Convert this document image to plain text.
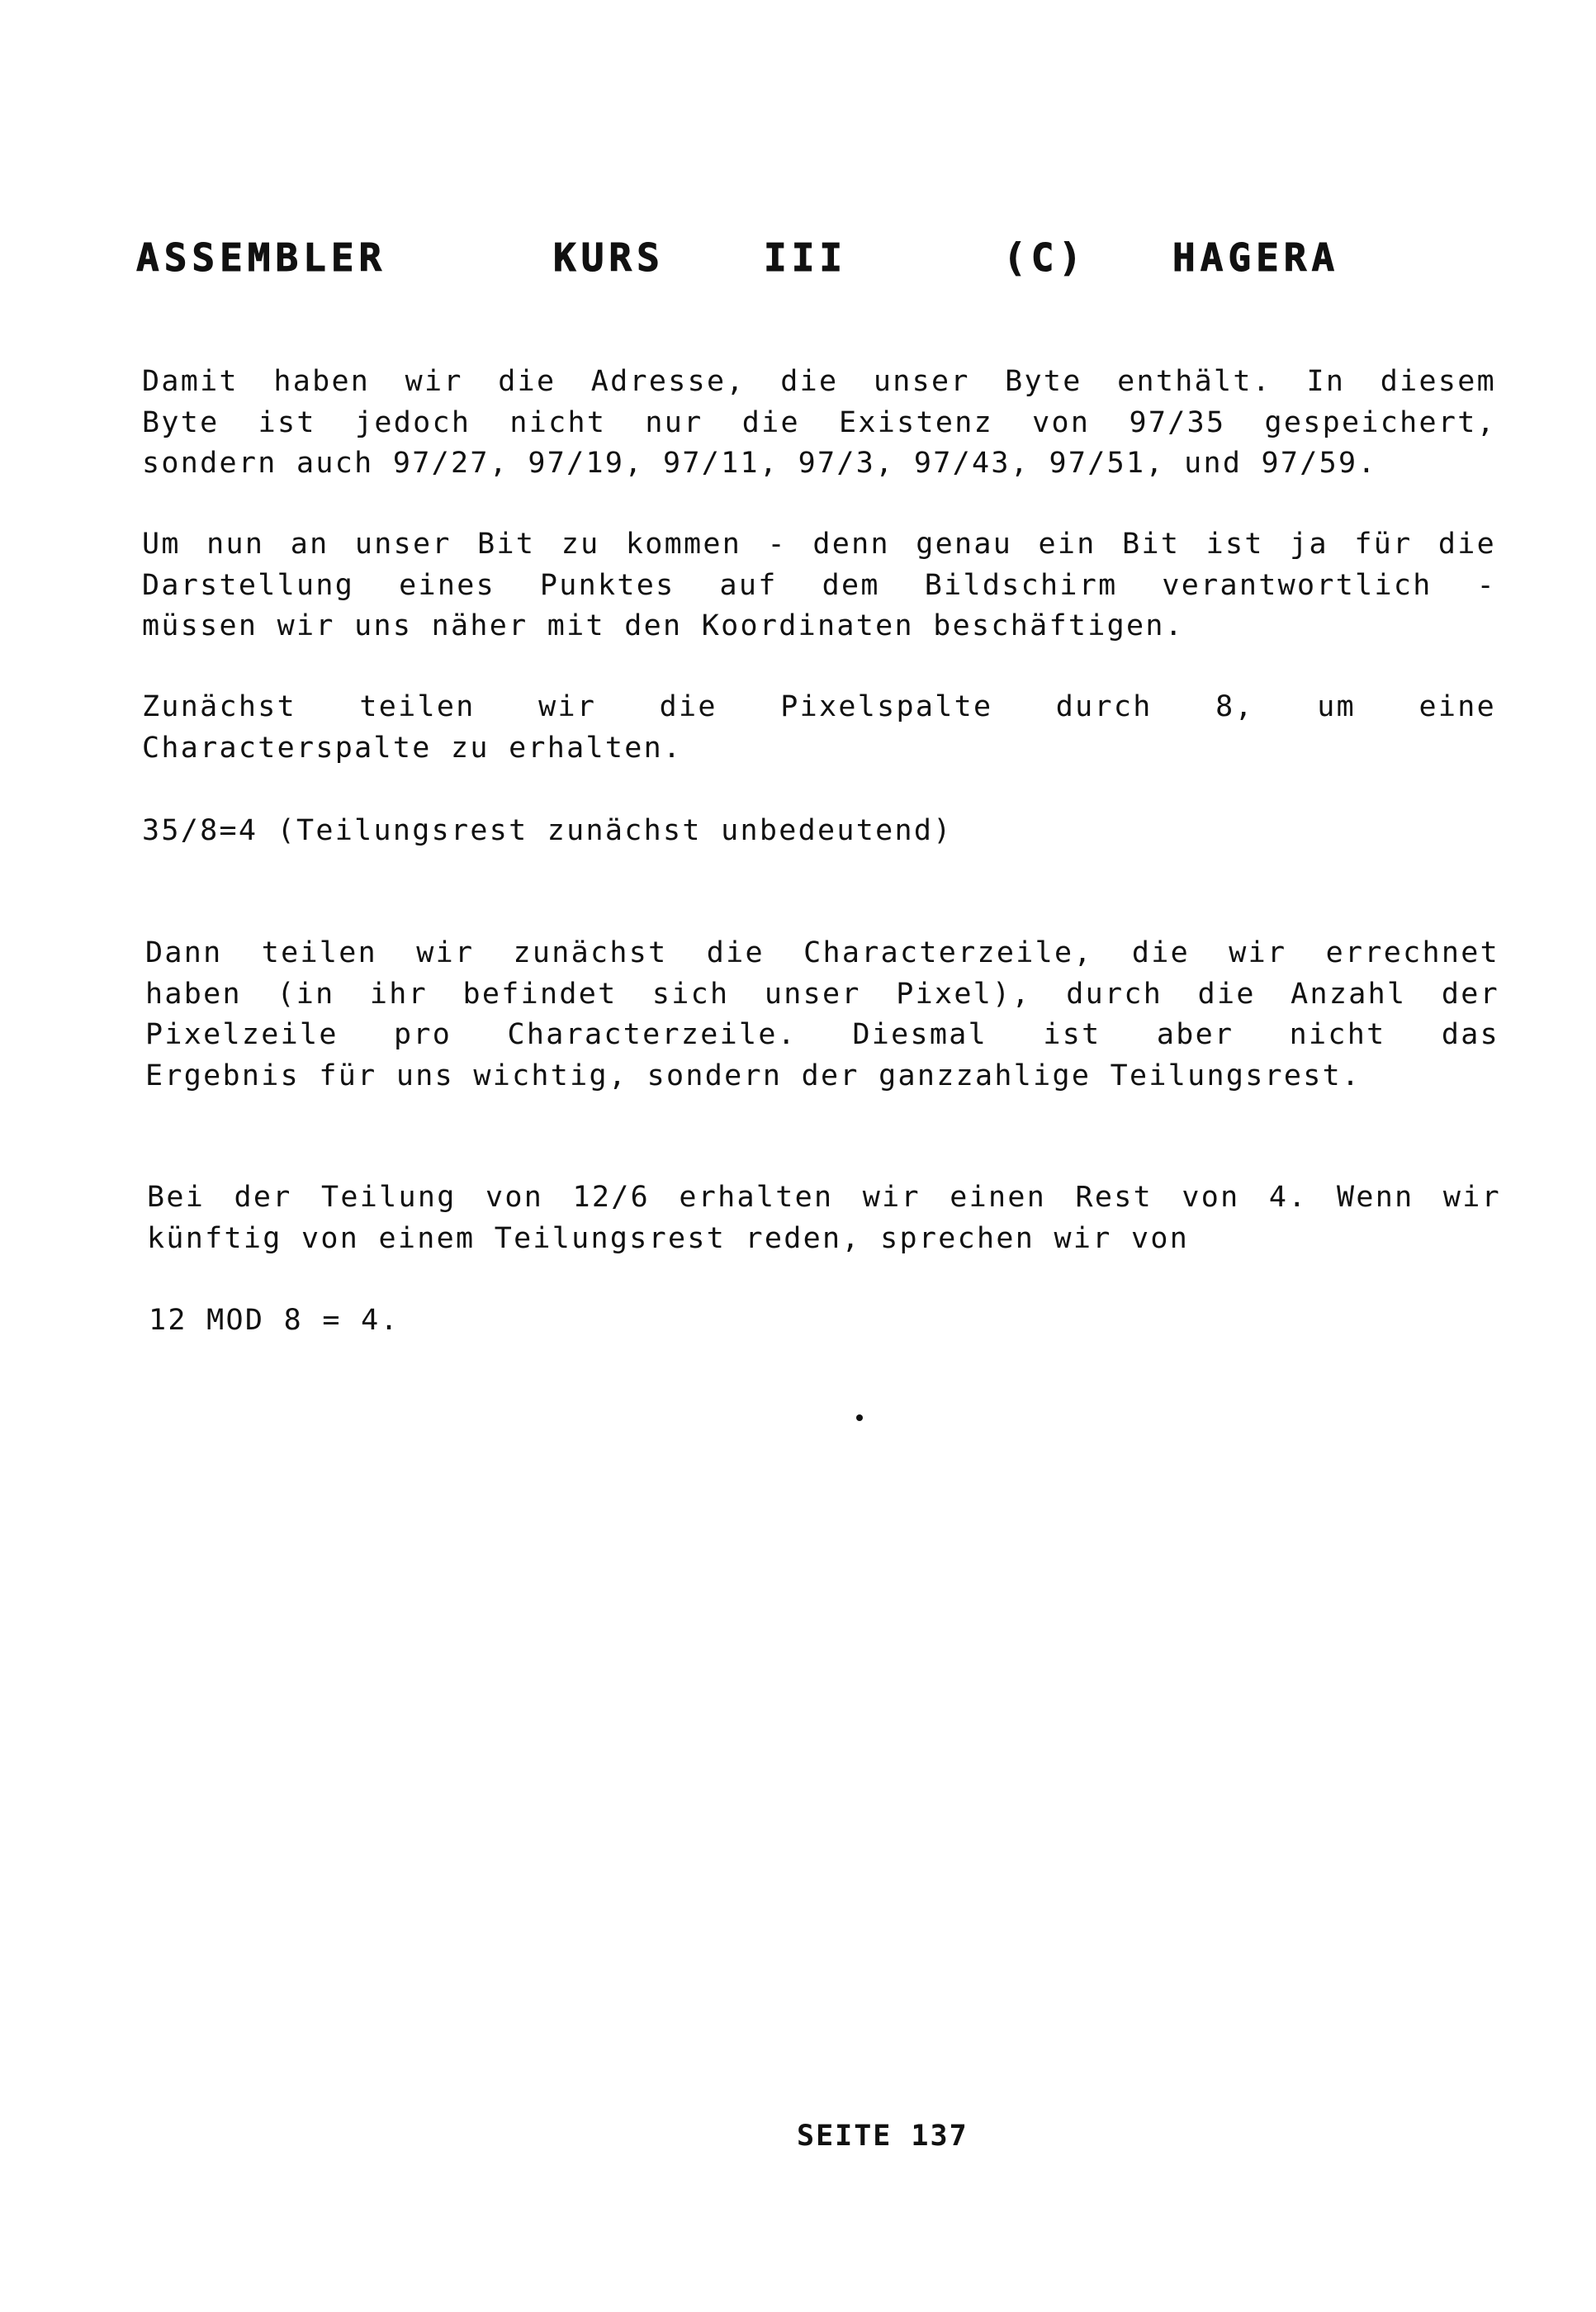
ASSEMBLER	KURS	III	(C) HAGERA
Damit haben wir die Adresse, die unser Byte enthält. In diesem
Byte ist jedoch nicht nur die Existenz von 97/35 gespeichert,
sondern auch 97/27, 97/19, 97/11, 97/3, 97/43, 97/51, und 97/59.
Um nun an unser Bit zu kommen - denn genau ein Bit ist ja für die
Darstellung eines Punktes auf dem Bildschirm verantwortlich -
müssen wir uns näher mit den Koordinaten beschäftigen.
Zunächst teilen wir die Pixelspalte durch 8, um eine
Characterspalte zu erhalten.
35/8=4 (Teilungsrest zunächst unbedeutend)
Dann teilen wir zunächst die Characterzeile, die wir errechnet
haben (in ihr befindet sich unser Pixel), durch die Anzahl der
Pixelzeile pro Characterzeile. Diesmal ist aber nicht das
Ergebnis für uns wichtig, sondern der ganzzahlige Teilungsrest.
Bei der Teilung von 12/6 erhalten wir einen Rest von 4. Wenn wir
künftig von einem Teilungsrest reden, sprechen wir von
12 MOD 8 = 4.
SEITE 137
